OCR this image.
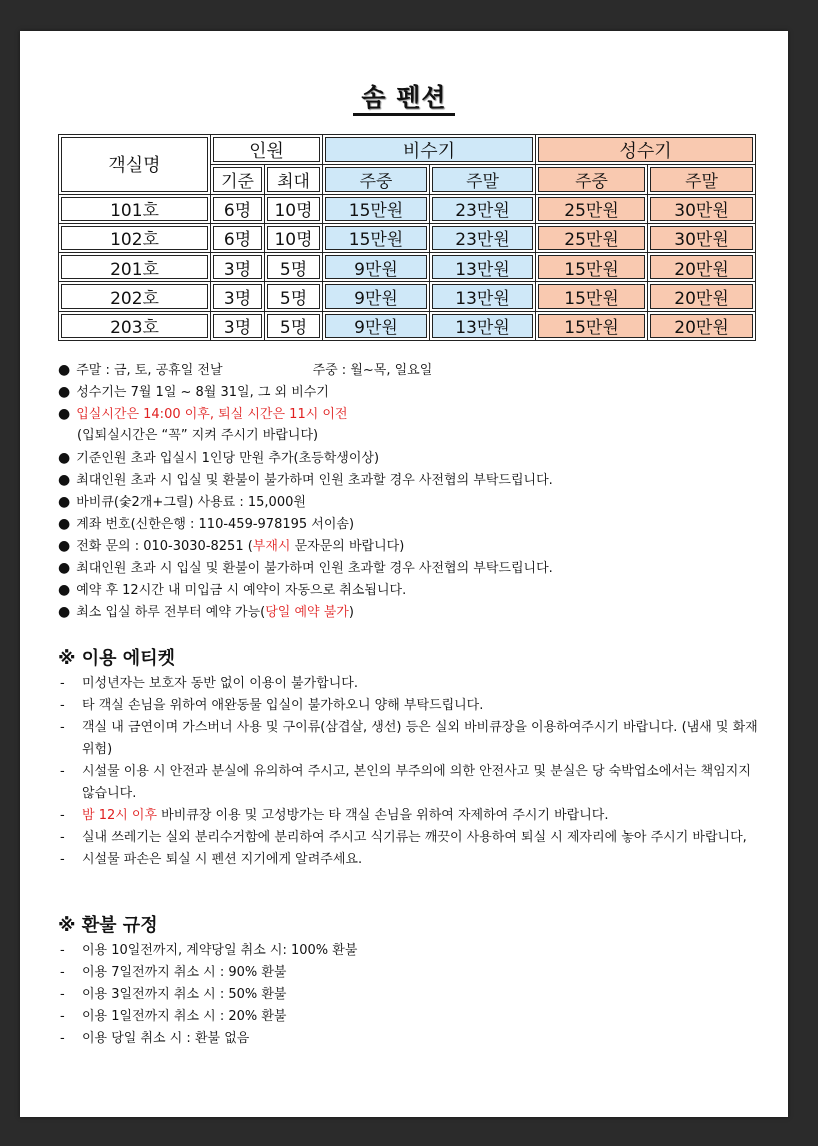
솜 펜션
객실명	인원		비수기		성수기	
	기준	최대	주중	주말	주중	주말
101호	6명	10명	15만원	23만원	25만원	30만원
102호	6명	10명	15만원	23만원	25만원	30만원
201호	3명	5명	9만원	13만원	15만원	20만원
202호	3명	5명	9만원	13만원	15만원	20만원
203호	3명	5명	9만원	13만원	15만원	20만원
● 주말 : 금, 토, 공휴일 전날	주중 : 월~목, 일요일
● 성수기는 7월 1일 ~ 8월 31일, 그 외 비수기
● 입실시간은 14:00 이후, 퇴실 시간은 11시 이전
(입퇴실시간은 “꼭” 지켜 주시기 바랍니다)
● 기준인원 초과 입실시 1인당 만원 추가(초등학생이상)
● 최대인원 초과 시 입실 및 환불이 불가하며 인원 초과할 경우 사전협의 부탁드립니다.
● 바비큐(숯2개+그릴) 사용료 : 15,000원
● 계좌 번호(신한은행 : 110-459-978195 서이솜)
● 전화 문의 : 010-3030-8251 (부재시 문자문의 바랍니다)
● 최대인원 초과 시 입실 및 환불이 불가하며 인원 초과할 경우 사전협의 부탁드립니다.
● 예약 후 12시간 내 미입금 시 예약이 자동으로 취소됩니다.
● 최소 입실 하루 전부터 예약 가능(당일 예약 불가)
※ 이용 에티켓
- 미성년자는 보호자 동반 없이 이용이 불가합니다.
- 타 객실 손님을 위하여 애완동물 입실이 불가하오니 양해 부탁드립니다.
- 객실 내 금연이며 가스버너 사용 및 구이류(삼겹살, 생선) 등은 실외 바비큐장을 이용하여주시기 바랍니다. (냄새 및 화재위험)
- 시설물 이용 시 안전과 분실에 유의하여 주시고, 본인의 부주의에 의한 안전사고 및 분실은 당 숙박업소에서는 책임지지 않습니다.
- 밤 12시 이후 바비큐장 이용 및 고성방가는 타 객실 손님을 위하여 자제하여 주시기 바랍니다.
- 실내 쓰레기는 실외 분리수거함에 분리하여 주시고 식기류는 깨끗이 사용하여 퇴실 시 제자리에 놓아 주시기 바랍니다,
- 시설물 파손은 퇴실 시 펜션 지기에게 알려주세요.
※ 환불 규정
- 이용 10일전까지, 계약당일 취소 시: 100% 환불
- 이용 7일전까지 취소 시 : 90% 환불
- 이용 3일전까지 취소 시 : 50% 환불
- 이용 1일전까지 취소 시 : 20% 환불
- 이용 당일 취소 시 : 환불 없음
